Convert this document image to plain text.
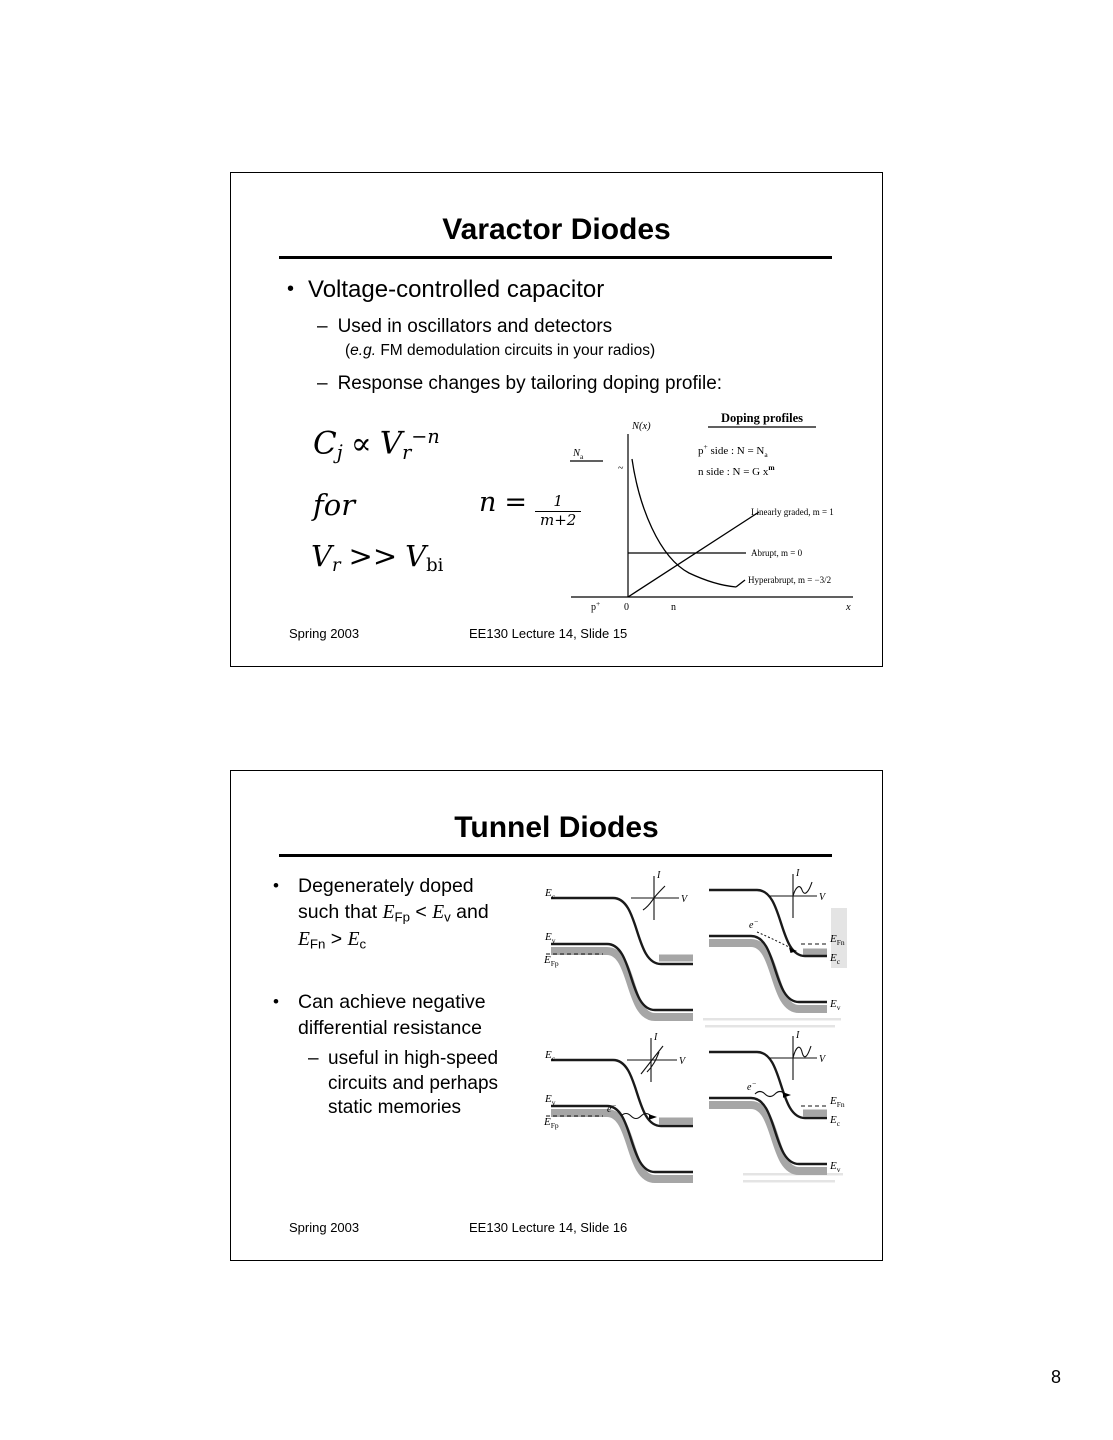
Varactor Diodes
• Voltage-controlled capacitor
– Used in oscillators and detectors
(e.g. FM demodulation circuits in your radios)
– Response changes by tailoring doping profile:
$Cj \propto Vr^{-n}$
for	$n = \frac{1}{m+2}$
Vr >> Vbi
N(x)
$N_a$
~
Doping profiles
p+ side : $N = N_a$
n side : N = G $x^m$
Linearly graded, m = 1
Abrupt, m = 0
Hyperabrupt, m = −3/2
p+ 0	n	x
Spring 2003	EE130 Lecture 14, Slide 15
Tunnel Diodes
• Degenerately doped
such that $E_{Fp} < E_v$ and
$E_{Fn} > E_c$
• Can achieve negative
differential resistance
– useful in high-speed
circuits and perhaps
static memories
I
V
$E_c$
$E_v$
$E_{Fp}$
I
V
e−
$E_{Fn}$
$E_c$
$E_v$
I
V
e−
$E_c$
$E_v$
$E_{Fp}$
I
V
e−
$E_{Fn}$
$E_c$
$E_v$
Spring 2003	EE130 Lecture 14, Slide 16
8
